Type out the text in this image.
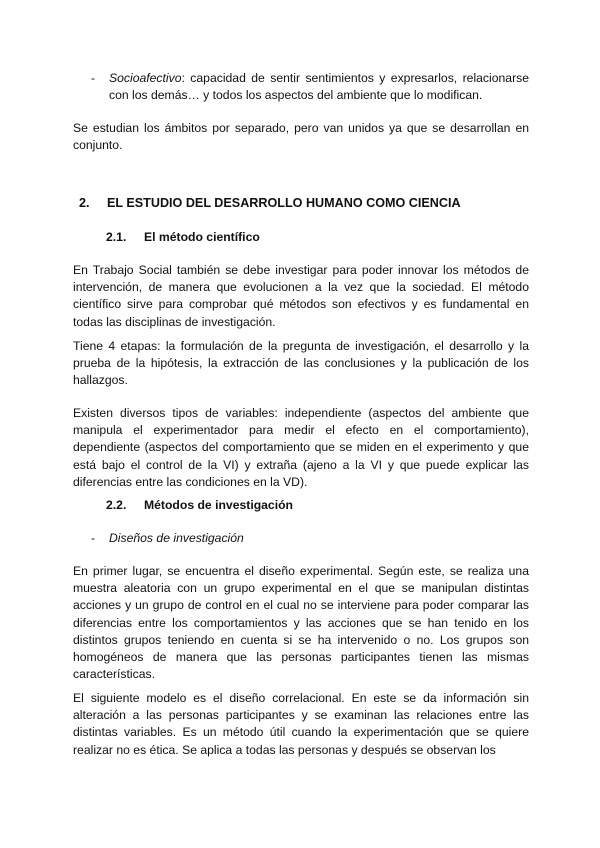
- Socioafectivo: capacidad de sentir sentimientos y expresarlos, relacionarse con los demás… y todos los aspectos del ambiente que lo modifican.

Se estudian los ámbitos por separado, pero van unidos ya que se desarrollan en conjunto.

2. EL ESTUDIO DEL DESARROLLO HUMANO COMO CIENCIA
2.1. El método científico

En Trabajo Social también se debe investigar para poder innovar los métodos de intervención, de manera que evolucionen a la vez que la sociedad. El método científico sirve para comprobar qué métodos son efectivos y es fundamental en todas las disciplinas de investigación.

Tiene 4 etapas: la formulación de la pregunta de investigación, el desarrollo y la prueba de la hipótesis, la extracción de las conclusiones y la publicación de los hallazgos.

Existen diversos tipos de variables: independiente (aspectos del ambiente que manipula el experimentador para medir el efecto en el comportamiento), dependiente (aspectos del comportamiento que se miden en el experimento y que está bajo el control de la VI) y extraña (ajeno a la VI y que puede explicar las diferencias entre las condiciones en la VD).

2.2. Métodos de investigación
- Diseños de investigación

En primer lugar, se encuentra el diseño experimental. Según este, se realiza una muestra aleatoria con un grupo experimental en el que se manipulan distintas acciones y un grupo de control en el cual no se interviene para poder comparar las diferencias entre los comportamientos y las acciones que se han tenido en los distintos grupos teniendo en cuenta si se ha intervenido o no. Los grupos son homogéneos de manera que las personas participantes tienen las mismas características.

El siguiente modelo es el diseño correlacional. En este se da información sin alteración a las personas participantes y se examinan las relaciones entre las distintas variables. Es un método útil cuando la experimentación que se quiere realizar no es ética. Se aplica a todas las personas y después se observan los
